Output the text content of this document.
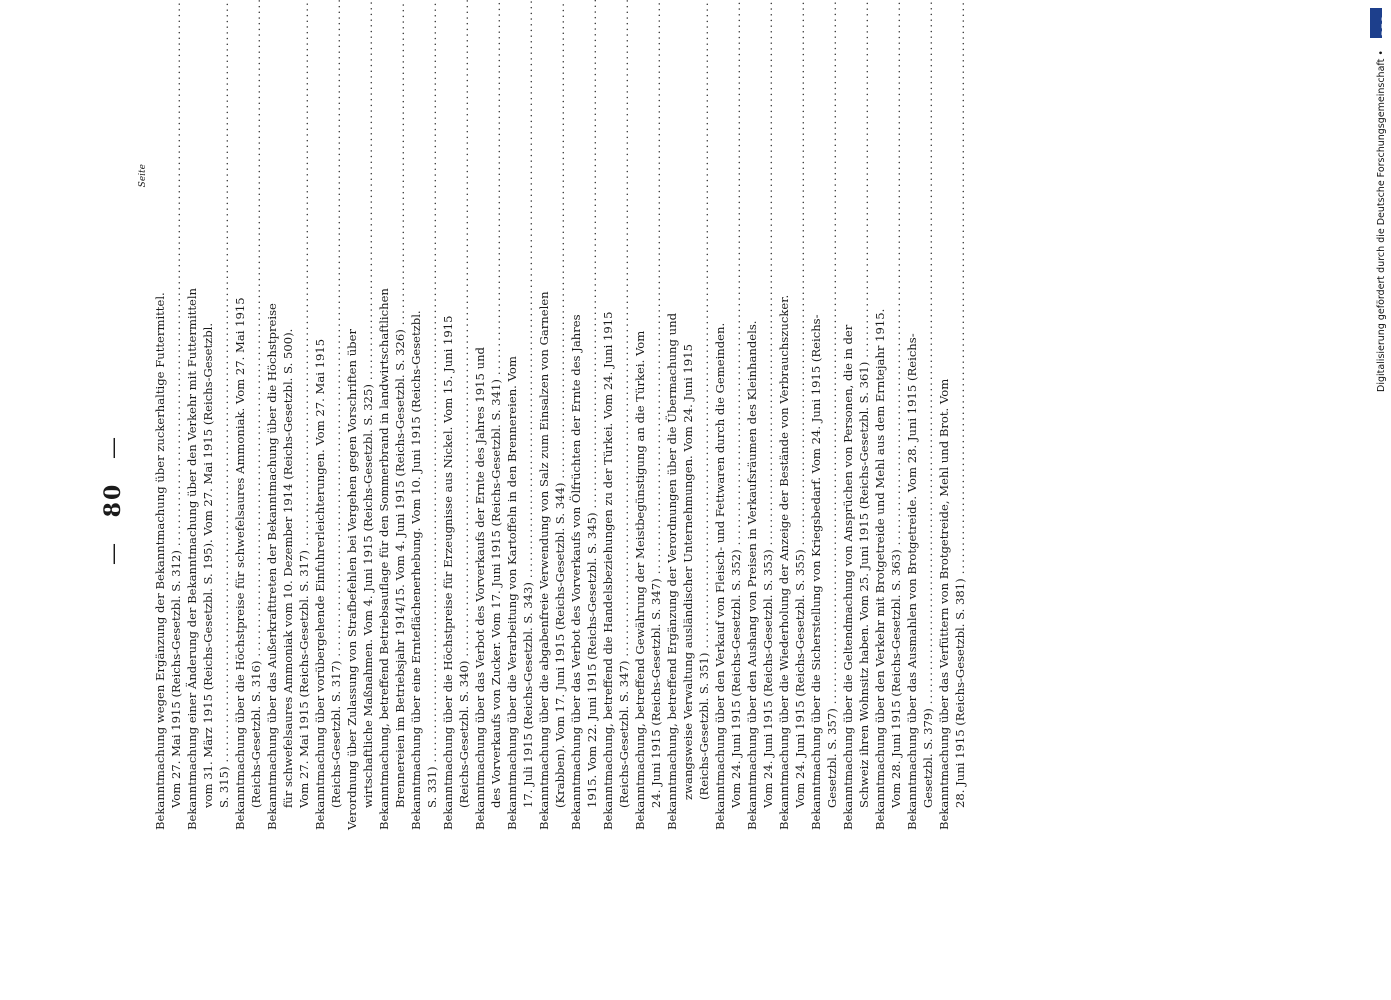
— 80 —
Seite
Bekanntmachung wegen Ergänzung der Bekanntmachung über zuckerhaltige Futtermittel. Vom 27. Mai 1915 (Reichs-Gesetzbl. S. 312)
..... Bekanntmachung einer Änderung der Bekanntmachung über den Verkehr mit Futtermitteln vom 31. März 1915 (Reichs-Gesetzbl. S. 195). Vom 27. Mai 1915 (Reichs-Gesetzbl. S. 315) ..... Bekanntmachung über die Höchstpreise für schwefelsaures Ammoniak. Vom 27. Mai 1915 (Reichs-Gesetzbl. S. 316) ..... Bekanntmachung über das Außerkrafttreten der Bekanntmachung über die Höchstpreise für schwefelsaures Ammoniak vom 10. Dezember 1914 (Reichs-Gesetzbl. S. 500). Vom 27. Mai 1915 (Reichs-Gesetzbl. S. 317)
..... Bekanntmachung über vorübergehende Einfuhrerleichterungen. Vom 27. Mai 1915 (Reichs-Gesetzbl. S. 317) ..... Verordnung über Zulassung von Strafbefehlen bei Vergehen gegen Vorschriften über wirtschaftliche Maßnahmen. Vom 4. Juni 1915 (Reichs-Gesetzbl. S. 325)
..... Bekanntmachung, betreffend Betriebsauflage für den Sommerbrand in landwirtschaftlichen Brennereien im Betriebsjahr 1914/15. Vom 4. Juni 1915 (Reichs-Gesetzbl. S. 326)
..... Bekanntmachung über eine Ernteflächenerhebung. Vom 10. Juni 1915 (Reichs-Gesetzbl. S. 331) ..... Bekanntmachung über die Höchstpreise für Erzeugnisse aus Nickel. Vom 15. Juni 1915 (Reichs-Gesetzbl. S. 340) ..... Bekanntmachung über das Verbot des Vorverkaufs der Ernte des Jahres 1915 und des Vorverkaufs von Zucker. Vom 17. Juni 1915 (Reichs-Gesetzbl. S. 341)
..... Bekanntmachung über die Verarbeitung von Kartoffeln in den Brennereien. Vom 17. Juli 1915 (Reichs-Gesetzbl. S. 343) ..... Bekanntmachung über die abgabenfreie Verwendung von Salz zum Einsalzen von Garnelen (Krabben). Vom 17. Juni 1915 (Reichs-Gesetzbl. S. 344)
..... Bekanntmachung über das Verbot des Vorverkaufs von Ölfrüchten der Ernte des Jahres 1915. Vom 22. Juni 1915 (Reichs-Gesetzbl. S. 345)
..... Bekanntmachung, betreffend die Handelsbeziehungen zu der Türkei. Vom 24. Juni 1915 (Reichs-Gesetzbl. S. 347) ..... Bekanntmachung, betreffend Gewährung der Meistbegünstigung an die Türkei. Vom 24. Juni 1915 (Reichs-Gesetzbl. S. 347)
..... Bekanntmachung, betreffend Ergänzung der Verordnungen über die Übermachung und zwangsweise Verwaltung ausländischer Unternehmungen. Vom 24. Juni 1915 (Reichs-Gesetzbl. S. 351) ..... Bekanntmachung über den Verkauf von Fleisch- und Fettwaren durch die Gemeinden. Vom 24. Juni 1915 (Reichs-Gesetzbl. S. 352)
..... Bekanntmachung über den Aushang von Preisen in Verkaufsräumen des Kleinhandels. Vom 24. Juni 1915 (Reichs-Gesetzbl. S. 353)
..... Bekanntmachung über die Wiederholung der Anzeige der Bestände von Verbrauchszucker. Vom 24. Juni 1915 (Reichs-Gesetzbl. S. 355)
..... Bekanntmachung über die Sicherstellung von Kriegsbedarf. Vom 24. Juni 1915 (Reichs- Gesetzbl. S. 357) ..... Bekanntmachung über die Geltendmachung von Ansprüchen von Personen, die in der Schweiz ihren Wohnsitz haben. Vom 25. Juni 1915 (Reichs-Gesetzbl. S. 361)
..... Bekanntmachung über den Verkehr mit Brotgetreide und Mehl aus dem Erntejahr 1915. Vom 28. Juni 1915 (Reichs-Gesetzbl. S. 363)
..... Bekanntmachung über das Ausmahlen von Brotgetreide. Vom 28. Juni 1915 (Reichs- Gesetzbl. S. 379) ..... Bekanntmachung über das Verfüttern von Brotgetreide, Mehl und Brot. Vom 28. Juni 1915 (Reichs-Gesetzbl. S. 381)
.....
DFG
Digitalisierung gefördert durch die Deutsche Forschungsgemeinschaft •
